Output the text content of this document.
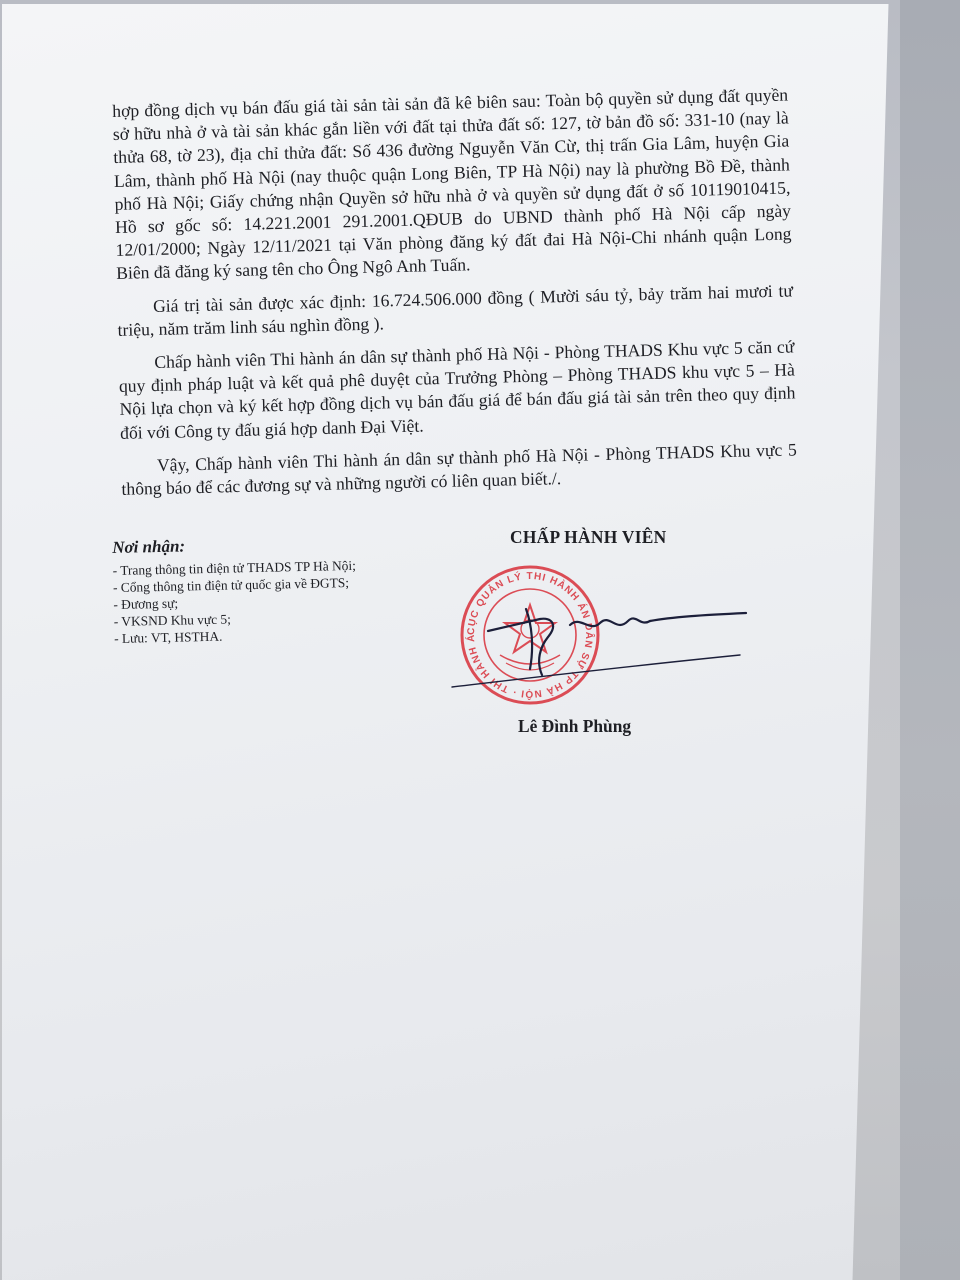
hợp đồng dịch vụ bán đấu giá tài sản tài sản đã kê biên sau: Toàn bộ quyền sử dụng đất quyền sở hữu nhà ở và tài sản khác gắn liền với đất tại thửa đất số: 127, tờ bản đồ số: 331-10 (nay là thửa 68, tờ 23), địa chỉ thửa đất: Số 436 đường Nguyễn Văn Cừ, thị trấn Gia Lâm, huyện Gia Lâm, thành phố Hà Nội (nay thuộc quận Long Biên, TP Hà Nội) nay là phường Bồ Đề, thành phố Hà Nội; Giấy chứng nhận Quyền sở hữu nhà ở và quyền sử dụng đất ở số 10119010415, Hồ sơ gốc số: 14.221.2001 291.2001.QĐUB do UBND thành phố Hà Nội cấp ngày 12/01/2000; Ngày 12/11/2021 tại Văn phòng đăng ký đất đai Hà Nội-Chi nhánh quận Long Biên đã đăng ký sang tên cho Ông Ngô Anh Tuấn.

Giá trị tài sản được xác định: 16.724.506.000 đồng ( Mười sáu tỷ, bảy trăm hai mươi tư triệu, năm trăm linh sáu nghìn đồng ).

Chấp hành viên Thi hành án dân sự thành phố Hà Nội - Phòng THADS Khu vực 5 căn cứ quy định pháp luật và kết quả phê duyệt của Trưởng Phòng – Phòng THADS khu vực 5 – Hà Nội lựa chọn và ký kết hợp đồng dịch vụ bán đấu giá để bán đấu giá tài sản trên theo quy định đối với Công ty đấu giá hợp danh Đại Việt.

Vậy, Chấp hành viên Thi hành án dân sự thành phố Hà Nội - Phòng THADS Khu vực 5 thông báo để các đương sự và những người có liên quan biết./.

Nơi nhận:
- Trang thông tin điện tử THADS TP Hà Nội;
- Cổng thông tin điện tử quốc gia về ĐGTS;
- Đương sự;
- VKSND Khu vực 5;
- Lưu: VT, HSTHA.
CHẤP HÀNH VIÊN
CỤC QUẢN LÝ THI HÀNH ÁN DÂN SỰ TP HÀ NỘI · THI HÀNH Á
Lê Đình Phùng
